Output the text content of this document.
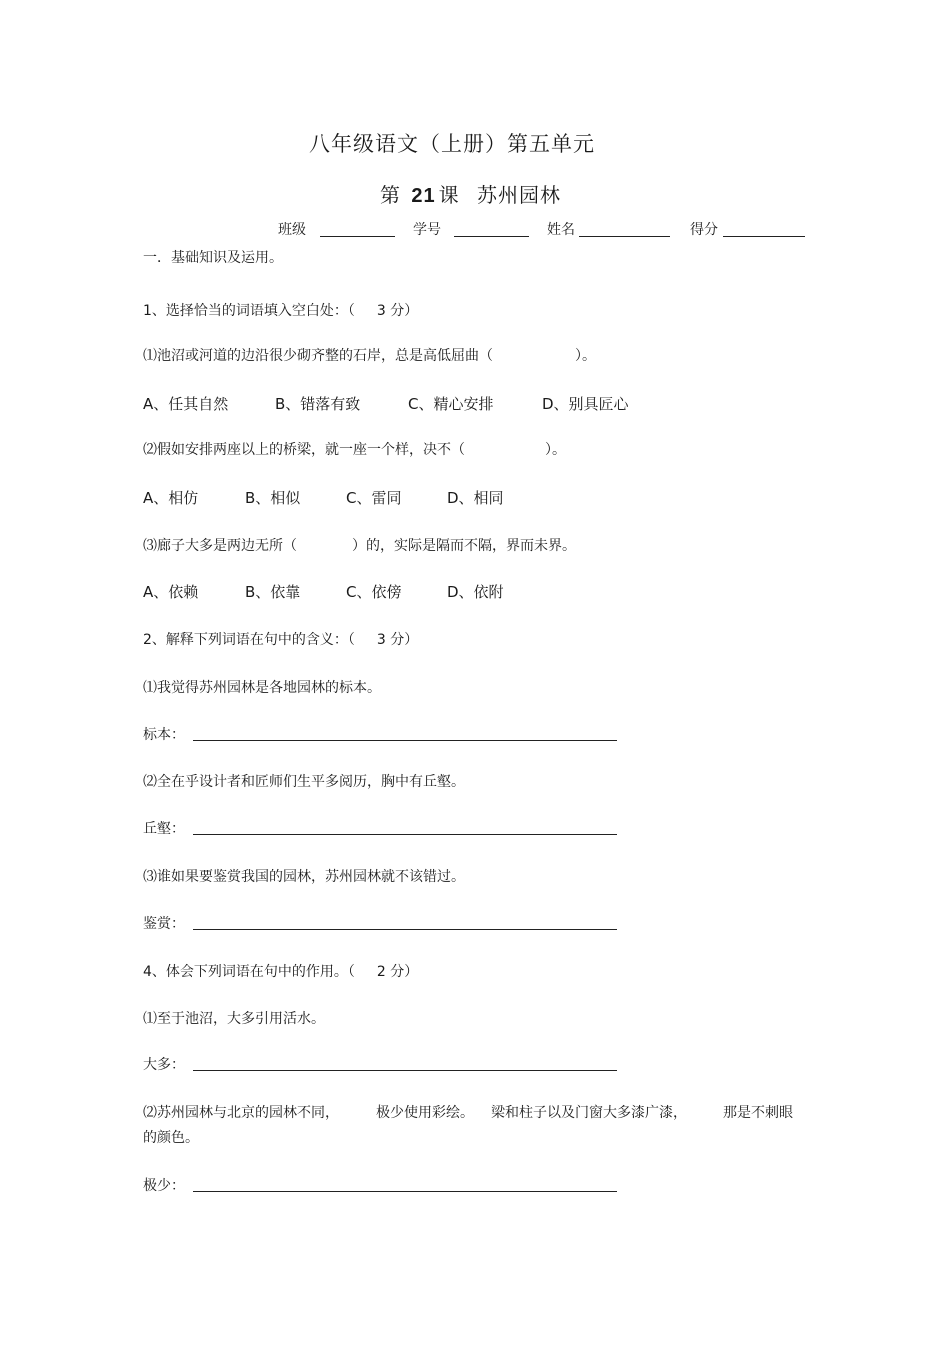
八年级语文（上册）第五单元
第 21 课 苏州园林
班级	学号	姓名	得分
一．基础知识及运用。
1、选择恰当的词语填入空白处：（ 3 分）
⑴池沼或河道的边沿很少砌齐整的石岸，总是高低屈曲（	）。
A、任其自然	B、错落有致	C、精心安排	D、别具匠心
⑵假如安排两座以上的桥梁，就一座一个样，决不（	）。
A、相仿	B、相似	C、雷同	D、相同
⑶廊子大多是两边无所（	）的，实际是隔而不隔，界而未界。
A、依赖	B、依靠	C、依傍	D、依附
2、解释下列词语在句中的含义：（ 3 分）
⑴我觉得苏州园林是各地园林的标本。
标本：
⑵全在乎设计者和匠师们生平多阅历，胸中有丘壑。
丘壑：
⑶谁如果要鉴赏我国的园林，苏州园林就不该错过。
鉴赏：
4、体会下列词语在句中的作用。（ 2 分）
⑴至于池沼，大多引用活水。
大多：
⑵苏州园林与北京的园林不同，	极少使用彩绘。 梁和柱子以及门窗大多漆广漆，	那是不刺眼
的颜色。
极少：
